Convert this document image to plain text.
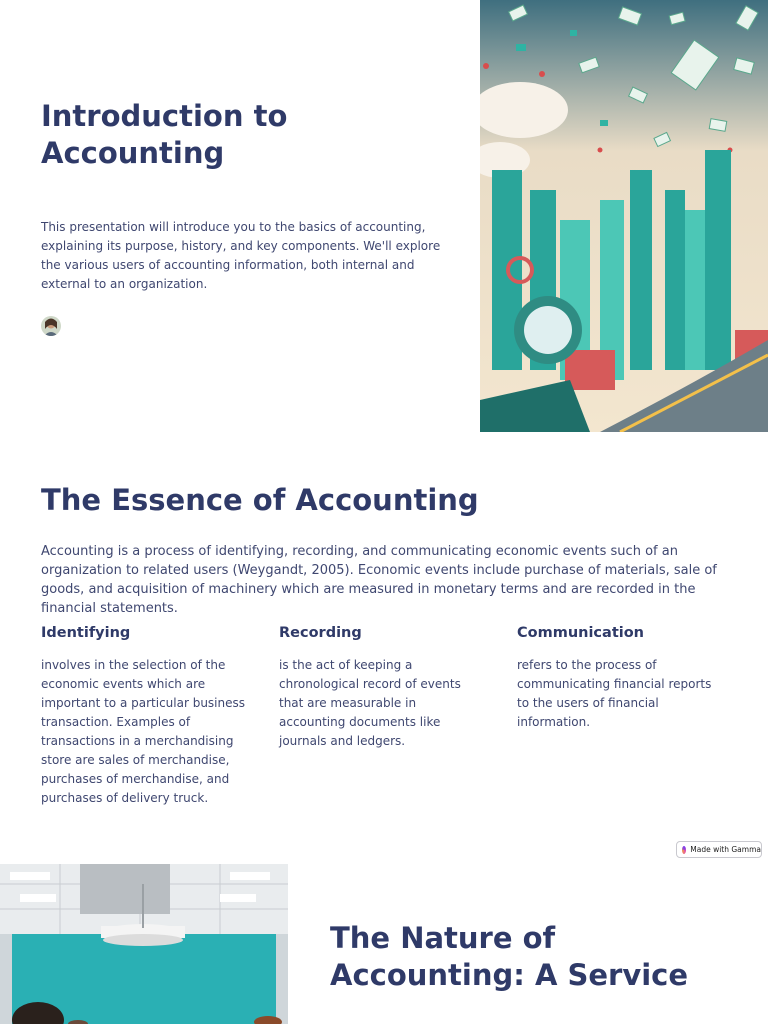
Introduction to Accounting

This presentation will introduce you to the basics of accounting, explaining its purpose, history, and key components. We'll explore the various users of accounting information, both internal and external to an organization.

The Essence of Accounting

Accounting is a process of identifying, recording, and communicating economic events such of an organization to related users (Weygandt, 2005). Economic events include purchase of materials, sale of goods, and acquisition of machinery which are measured in monetary terms and are recorded in the financial statements.

Identifying

involves in the selection of the economic events which are important to a particular business transaction. Examples of transactions in a merchandising store are sales of merchandise, purchases of merchandise, and purchases of delivery truck.

Recording

is the act of keeping a chronological record of events that are measurable in accounting documents like journals and ledgers.

Communication

refers to the process of communicating financial reports to the users of financial information.

Made with Gamma
The Nature of Accounting: A Service
